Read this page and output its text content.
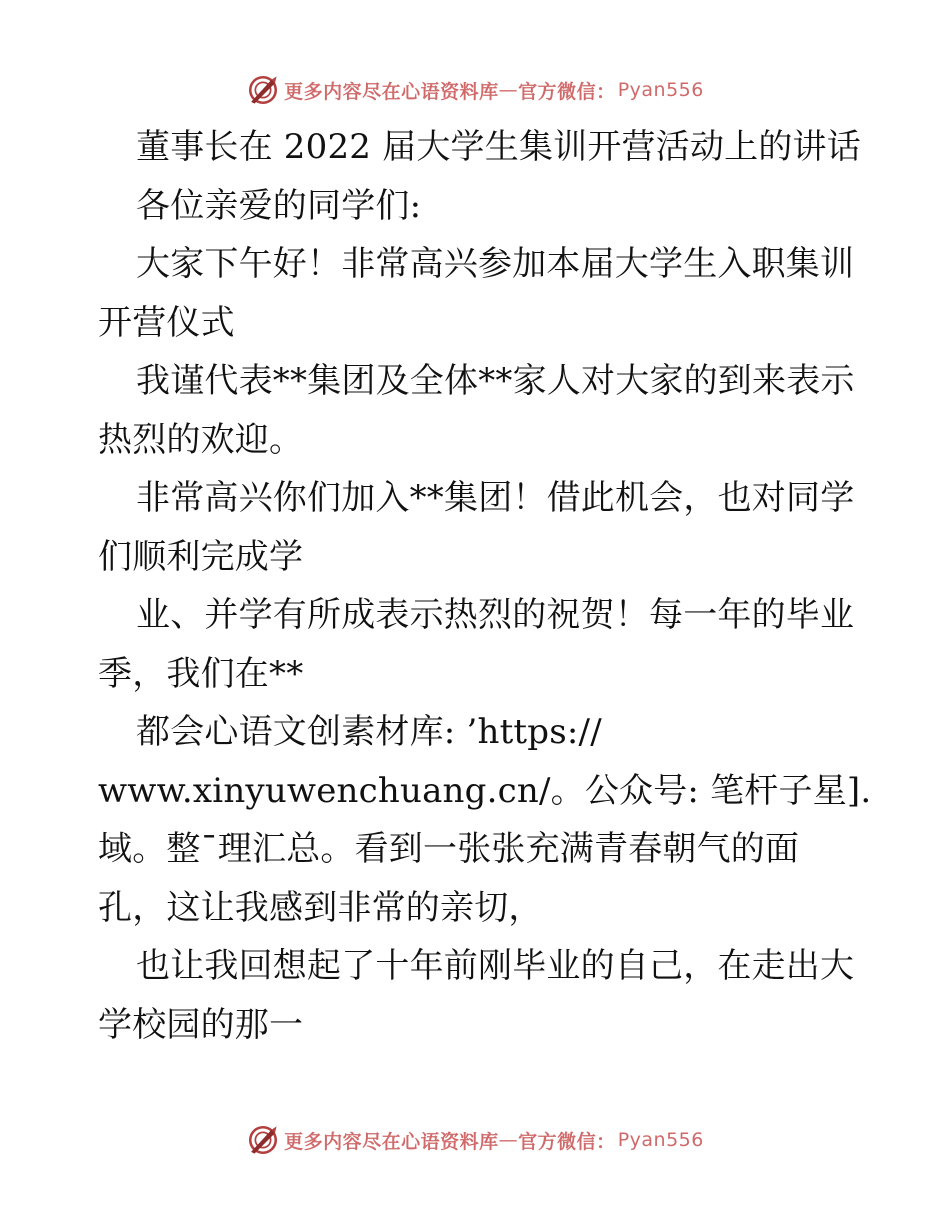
更多内容尽在心语资料库 — 官方微信： Pyan556
董事长在 2022 届大学生集训开营活动上的讲话
各位亲爱的同学们:
大家下午好！非常高兴参加本届大学生入职集训
开营仪式
我谨代表**集团及全体**家人对大家的到来表示
热烈的欢迎。
非常高兴你们加入**集团！借此机会，也对同学
们顺利完成学
业、并学有所成表示热烈的祝贺！每一年的毕业
季，我们在**
都会心语文创素材库: ’https://
www.xinyuwenchuang.cn/。公众号: 笔杆子星].
域。整¯理汇总。看到一张张充满青春朝气的面
孔，这让我感到非常的亲切，
也让我回想起了十年前刚毕业的自己，在走出大
学校园的那一
更多内容尽在心语资料库 — 官方微信： Pyan556
